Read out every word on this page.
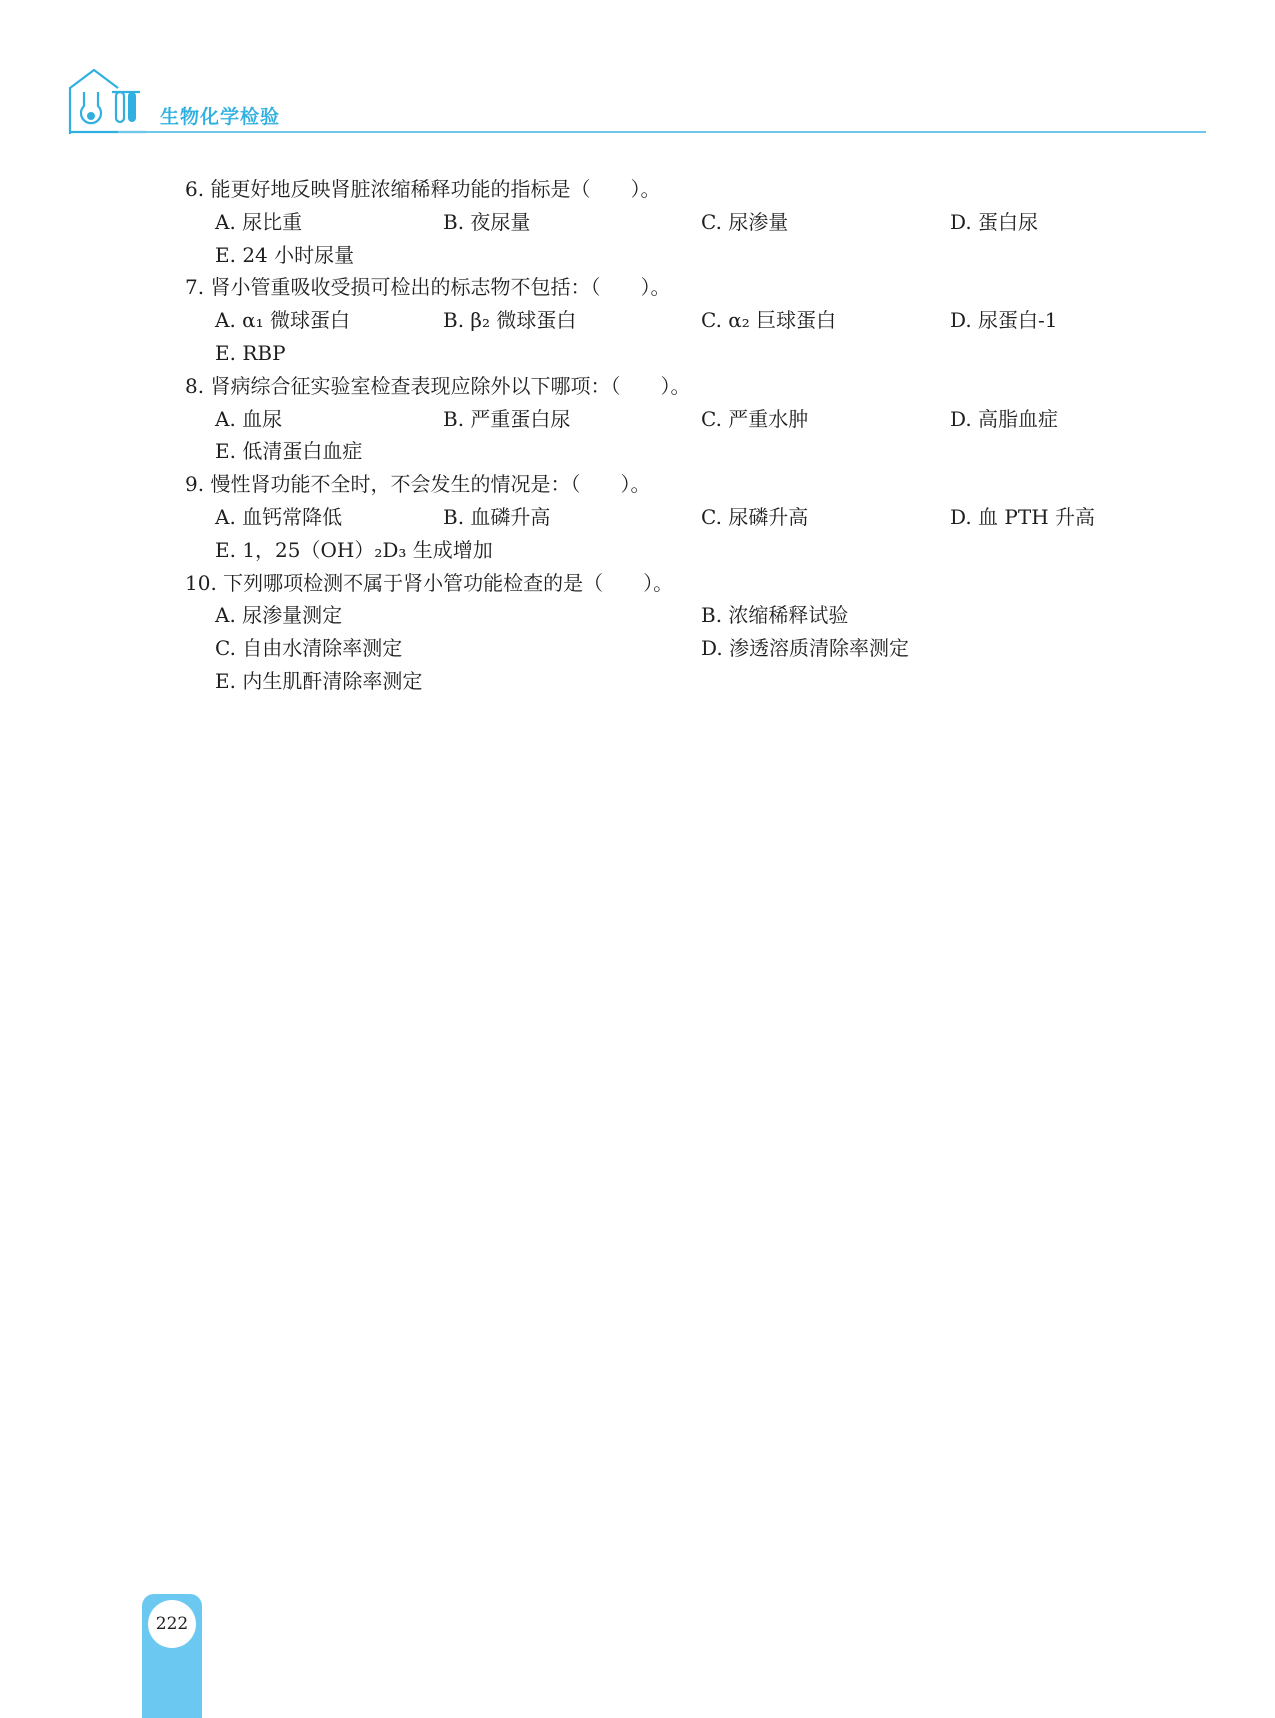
生物化学检验
6. 能更好地反映肾脏浓缩稀释功能的指标是（　　）。
A. 尿比重	B. 夜尿量	C. 尿渗量	D. 蛋白尿
E. 24 小时尿量
7. 肾小管重吸收受损可检出的标志物不包括：（　　）。
A. α₁ 微球蛋白	B. β₂ 微球蛋白	C. α₂ 巨球蛋白	D. 尿蛋白-1
E. RBP
8. 肾病综合征实验室检查表现应除外以下哪项：（　　）。
A. 血尿	B. 严重蛋白尿	C. 严重水肿	D. 高脂血症
E. 低清蛋白血症
9. 慢性肾功能不全时，不会发生的情况是：（　　）。
A. 血钙常降低	B. 血磷升高	C. 尿磷升高	D. 血 PTH 升高
E. 1，25（OH）₂D₃ 生成增加
10. 下列哪项检测不属于肾小管功能检查的是（　　）。
A. 尿渗量测定	B. 浓缩稀释试验
C. 自由水清除率测定	D. 渗透溶质清除率测定
E. 内生肌酐清除率测定
222
